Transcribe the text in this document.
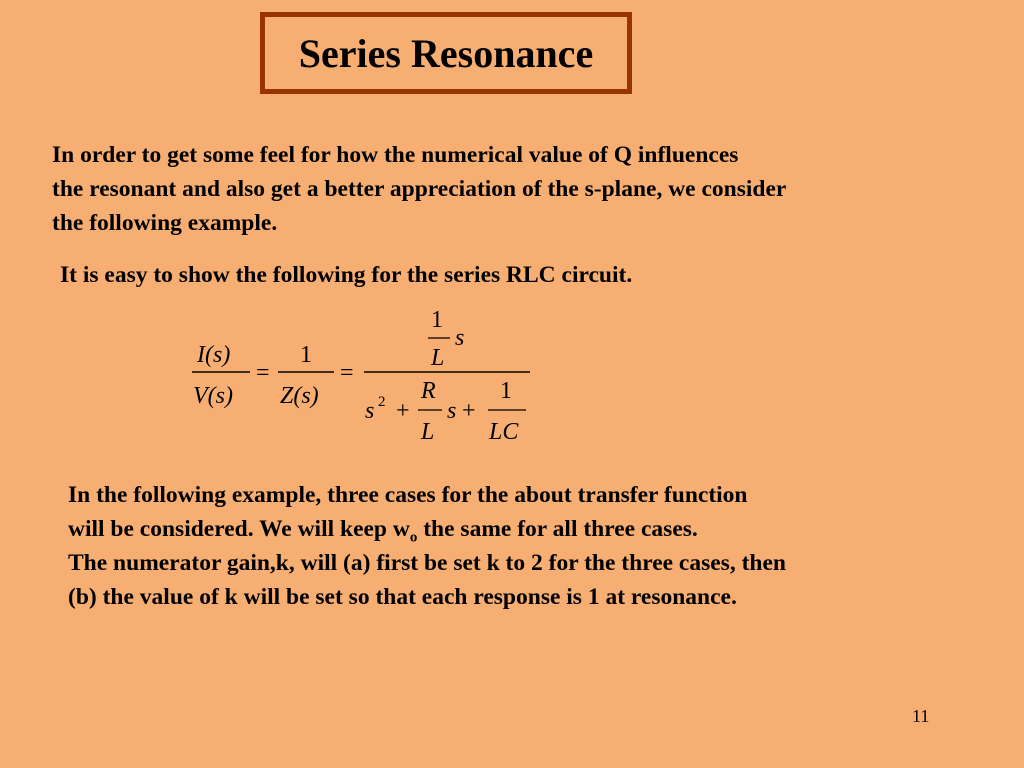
Series Resonance
In order to get some feel for how the numerical value of Q influences
the resonant and also get a better appreciation of the s-plane, we consider
the following example.
It is easy to show the following for the series RLC circuit.
I(s)
V(s)
=
1
Z(s)
=
1
L
s
s 2 +
R
L
s +
1
LC
In the following example, three cases for the about transfer function
will be considered. We will keep $w_o$ the same for all three cases.
The numerator gain,k, will (a) first be set k to 2 for the three cases, then
(b) the value of k will be set so that each response is 1 at resonance.
11
